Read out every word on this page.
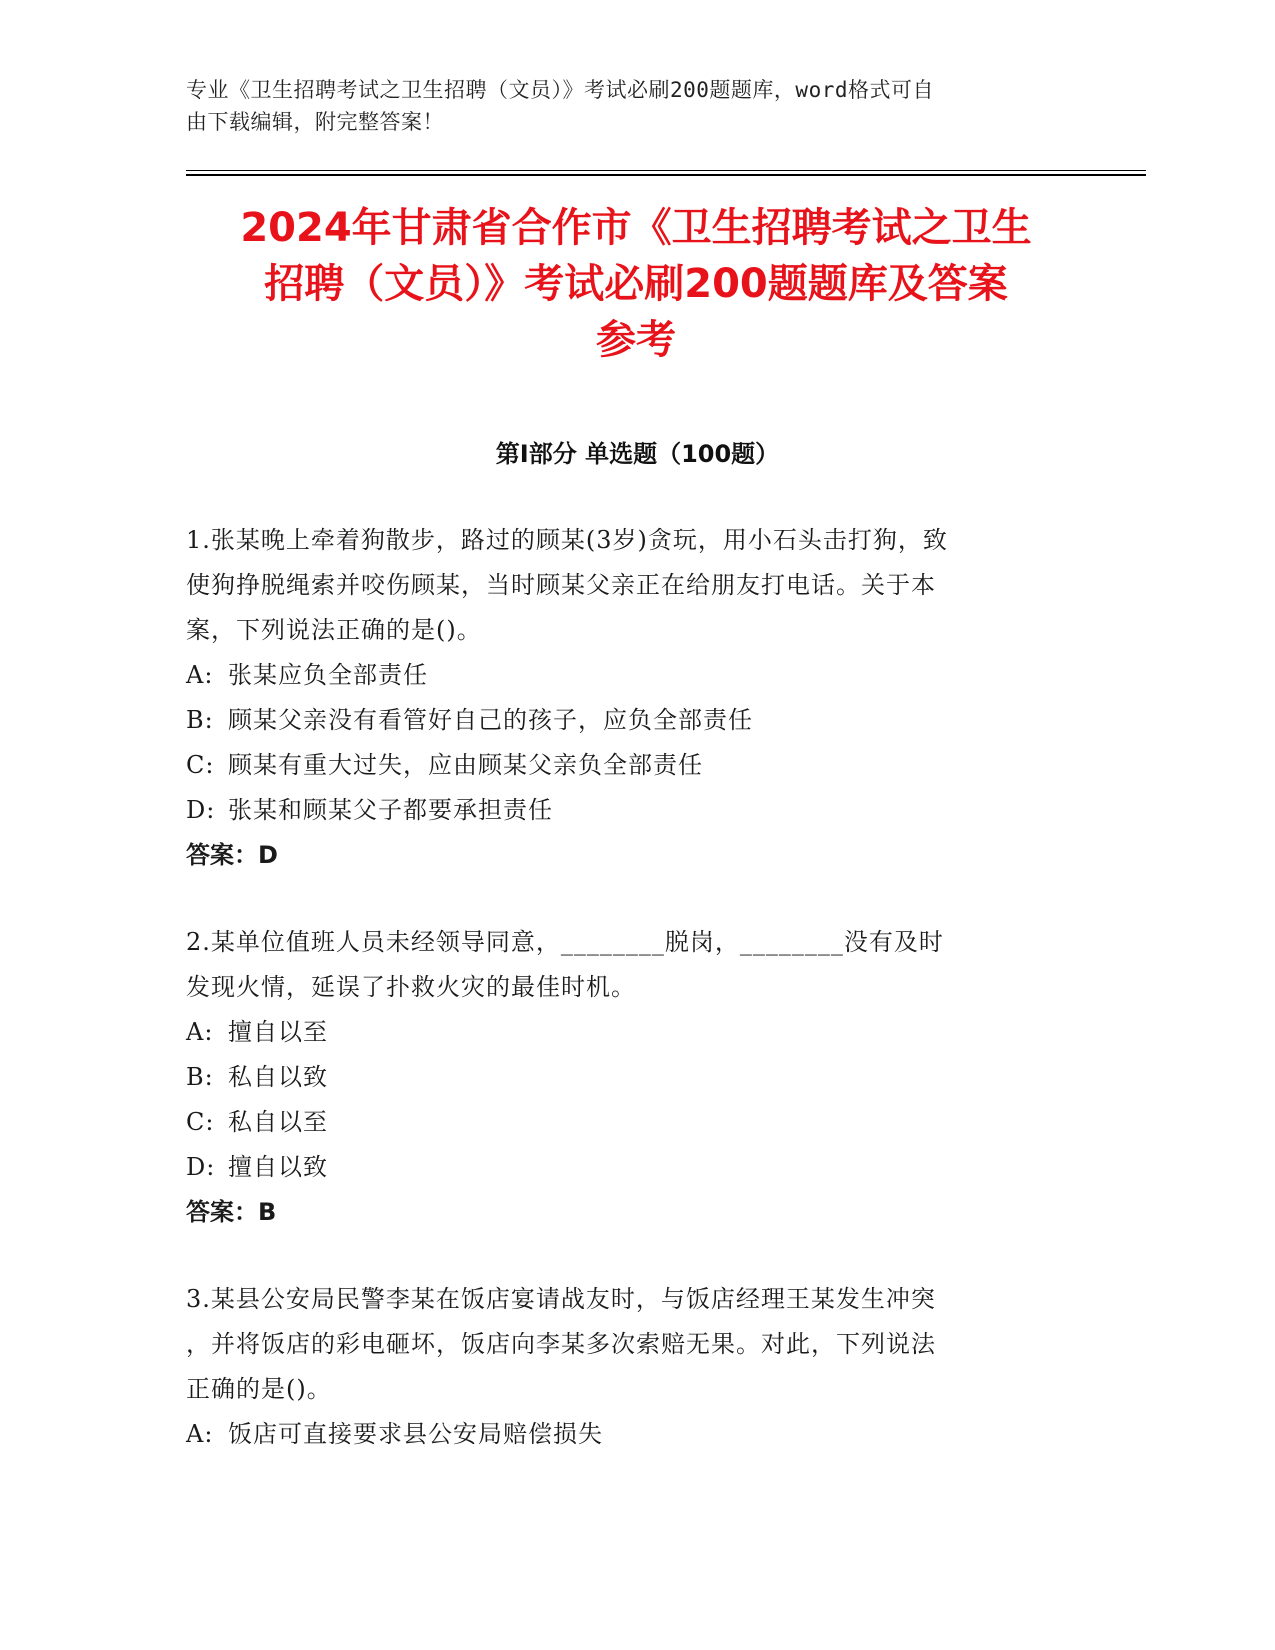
专业《卫生招聘考试之卫生招聘（文员）》考试必刷200题题库，word格式可自
由下载编辑，附完整答案！
2024年甘肃省合作市《卫生招聘考试之卫生
招聘（文员）》考试必刷200题题库及答案
参考
第Ⅰ部分 单选题（100题）
1.张某晚上牵着狗散步，路过的顾某(3岁)贪玩，用小石头击打狗，致
使狗挣脱绳索并咬伤顾某，当时顾某父亲正在给朋友打电话。关于本
案，下列说法正确的是()。
A: 张某应负全部责任
B: 顾某父亲没有看管好自己的孩子，应负全部责任
C: 顾某有重大过失，应由顾某父亲负全部责任
D: 张某和顾某父子都要承担责任
答案：D
2.某单位值班人员未经领导同意，________脱岗，________没有及时
发现火情，延误了扑救火灾的最佳时机。
A: 擅自以至
B: 私自以致
C: 私自以至
D: 擅自以致
答案：B
3.某县公安局民警李某在饭店宴请战友时，与饭店经理王某发生冲突
，并将饭店的彩电砸坏，饭店向李某多次索赔无果。对此，下列说法
正确的是()。
A: 饭店可直接要求县公安局赔偿损失
